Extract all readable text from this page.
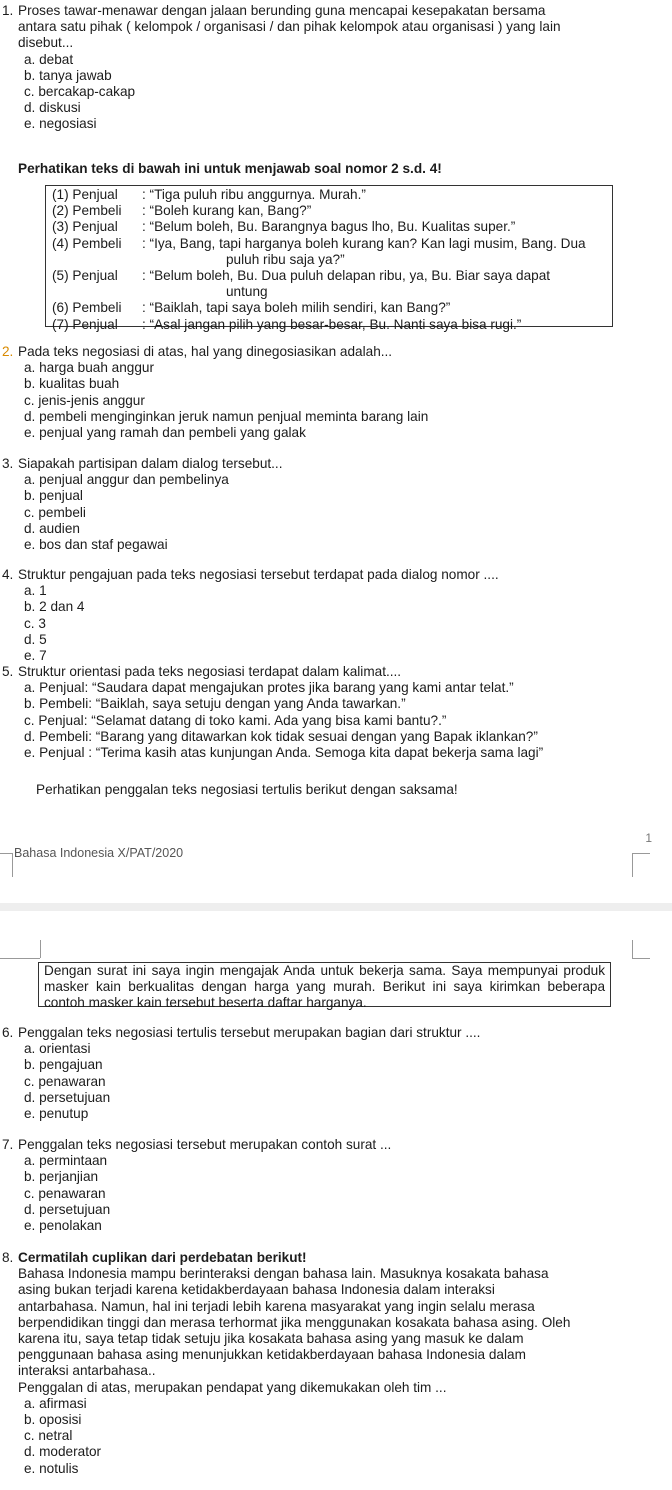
1. Proses tawar-menawar dengan jalaan berunding guna mencapai kesepakatan bersama
antara satu pihak ( kelompok / organisasi / dan pihak kelompok atau organisasi ) yang lain
disebut...
a. debat
b. tanya jawab
c. bercakap-cakap
d. diskusi
e. negosiasi
Perhatikan teks di bawah ini untuk menjawab soal nomor 2 s.d. 4!
(1) Penjual : “Tiga puluh ribu anggurnya. Murah.”
(2) Pembeli : “Boleh kurang kan, Bang?”
(3) Penjual : “Belum boleh, Bu. Barangnya bagus lho, Bu. Kualitas super.”
(4) Pembeli : “Iya, Bang, tapi harganya boleh kurang kan? Kan lagi musim, Bang. Dua
puluh ribu saja ya?”
(5) Penjual : “Belum boleh, Bu. Dua puluh delapan ribu, ya, Bu. Biar saya dapat
untung
(6) Pembeli : “Baiklah, tapi saya boleh milih sendiri, kan Bang?”
(7) Penjual : “Asal jangan pilih yang besar-besar, Bu. Nanti saya bisa rugi.”
2. Pada teks negosiasi di atas, hal yang dinegosiasikan adalah...
a. harga buah anggur
b. kualitas buah
c. jenis-jenis anggur
d. pembeli menginginkan jeruk namun penjual meminta barang lain
e. penjual yang ramah dan pembeli yang galak
3. Siapakah partisipan dalam dialog tersebut...
a. penjual anggur dan pembelinya
b. penjual
c. pembeli
d. audien
e. bos dan staf pegawai
4. Struktur pengajuan pada teks negosiasi tersebut terdapat pada dialog nomor ....
a. 1
b. 2 dan 4
c. 3
d. 5
e. 7
5. Struktur orientasi pada teks negosiasi terdapat dalam kalimat....
a. Penjual: “Saudara dapat mengajukan protes jika barang yang kami antar telat.”
b. Pembeli: “Baiklah, saya setuju dengan yang Anda tawarkan.”
c. Penjual: “Selamat datang di toko kami. Ada yang bisa kami bantu?.”
d. Pembeli: “Barang yang ditawarkan kok tidak sesuai dengan yang Bapak iklankan?”
e. Penjual : “Terima kasih atas kunjungan Anda. Semoga kita dapat bekerja sama lagi”
Perhatikan penggalan teks negosiasi tertulis berikut dengan saksama!
1
Bahasa Indonesia X/PAT/2020
Dengan surat ini saya ingin mengajak Anda untuk bekerja sama. Saya mempunyai produk masker kain berkualitas dengan harga yang murah. Berikut ini saya kirimkan beberapa contoh masker kain tersebut beserta daftar harganya.
6. Penggalan teks negosiasi tertulis tersebut merupakan bagian dari struktur ....
a. orientasi
b. pengajuan
c. penawaran
d. persetujuan
e. penutup
7. Penggalan teks negosiasi tersebut merupakan contoh surat ...
a. permintaan
b. perjanjian
c. penawaran
d. persetujuan
e. penolakan
8. Cermatilah cuplikan dari perdebatan berikut!
Bahasa Indonesia mampu berinteraksi dengan bahasa lain. Masuknya kosakata bahasa
asing bukan terjadi karena ketidakberdayaan bahasa Indonesia dalam interaksi
antarbahasa. Namun, hal ini terjadi lebih karena masyarakat yang ingin selalu merasa
berpendidikan tinggi dan merasa terhormat jika menggunakan kosakata bahasa asing. Oleh
karena itu, saya tetap tidak setuju jika kosakata bahasa asing yang masuk ke dalam
penggunaan bahasa asing menunjukkan ketidakberdayaan bahasa Indonesia dalam
interaksi antarbahasa..
Penggalan di atas, merupakan pendapat yang dikemukakan oleh tim ...
a. afirmasi
b. oposisi
c. netral
d. moderator
e. notulis
